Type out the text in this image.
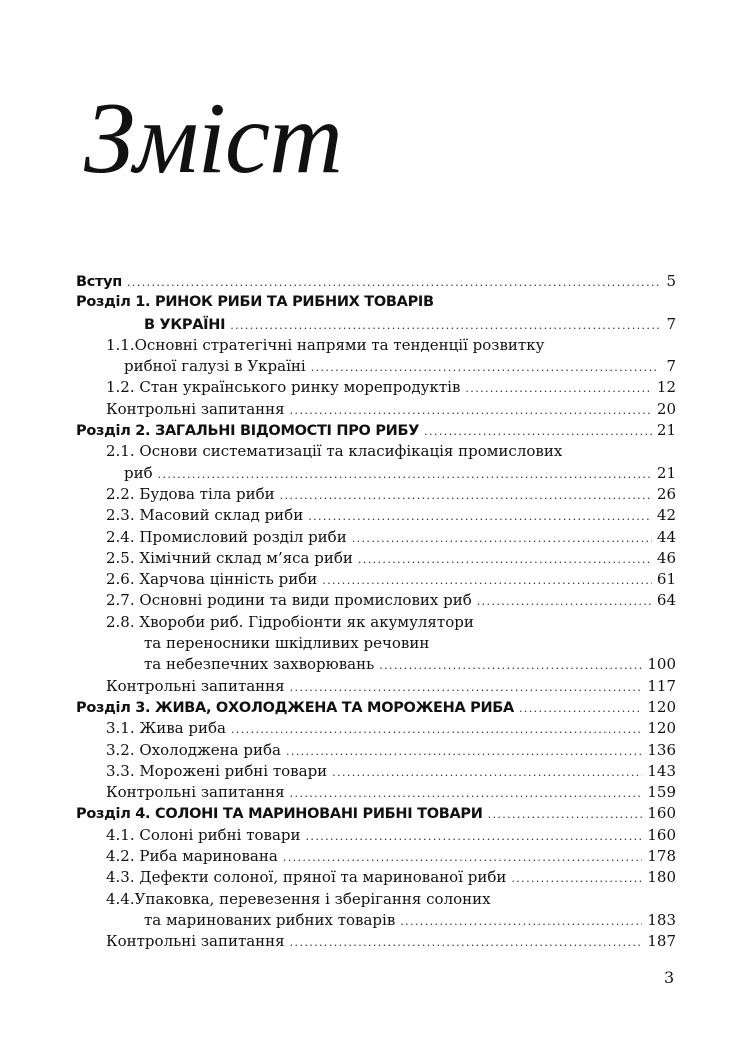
Зміст
Вступ .....	5
Розділ 1. РИНОК РИБИ ТА РИБНИХ ТОВАРІВ
В УКРАЇНІ .....	7
1.1.Основні стратегічні напрями та тенденції розвитку
рибної галузі в Україні .....	7
1.2. Стан українського ринку морепродуктів .....	12
Контрольні запитання .....	20
Розділ 2. ЗАГАЛЬНІ ВІДОМОСТІ ПРО РИБУ .....	21
2.1. Основи систематизації та класифікація промислових
риб .....	21
2.2. Будова тіла риби .....	26
2.3. Масовий склад риби .....	42
2.4. Промисловий розділ риби .....	44
2.5. Хімічний склад м’яса риби .....	46
2.6. Харчова цінність риби .....	61
2.7. Основні родини та види промислових риб .....	64
2.8. Хвороби риб. Гідробіонти як акумулятори
та переносники шкідливих речовин
та небезпечних захворювань .....	100
Контрольні запитання .....	117
Розділ 3. ЖИВА, ОХОЛОДЖЕНА ТА МОРОЖЕНА РИБА .....	120
3.1. Жива риба .....	120
3.2. Охолоджена риба .....	136
3.3. Морожені рибні товари .....	143
Контрольні запитання .....	159
Розділ 4. СОЛОНІ ТА МАРИНОВАНІ РИБНІ ТОВАРИ .....	160
4.1. Солоні рибні товари .....	160
4.2. Риба маринована .....	178
4.3. Дефекти солоної, пряної та маринованої риби .....	180
4.4.Упаковка, перевезення і зберігання солоних
та маринованих рибних товарів .....	183
Контрольні запитання .....	187
3
